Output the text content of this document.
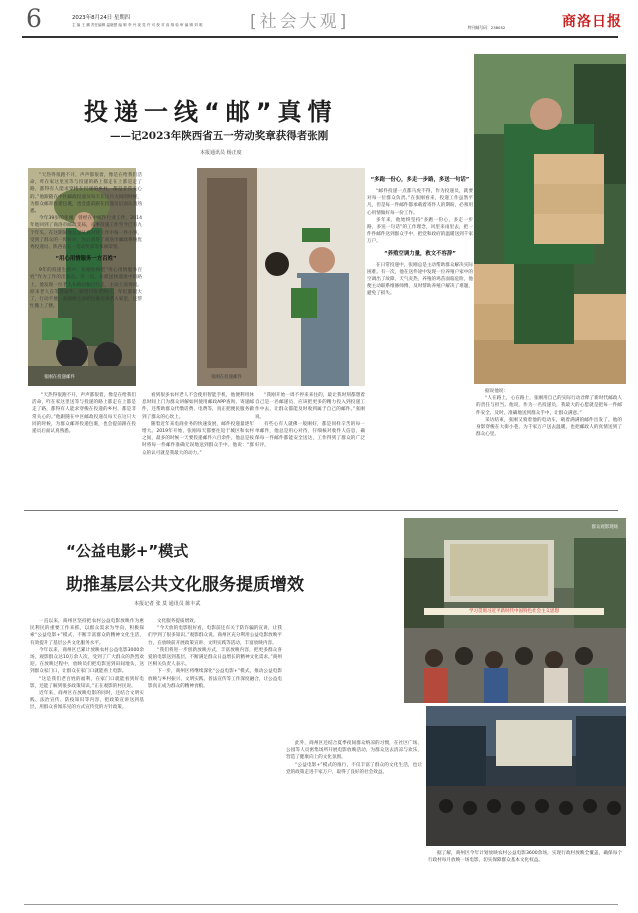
6	2023年8月24日 星期四
主 编 王 鹏 责任编辑 温晓慧 编 辑 李 丹 视 觉 许 可 校 对 高 翔 检 审 编 辑 刘 明	[社会大观]	特刊邮号码：238052	商洛日报
投递一线“邮”真情
——记2023年陕西省五一劳动奖章获得者张刚
本报通讯员 杨正度
张刚在投递邮件	张刚在投递邮件

“天热得很跑不开，声声都很着，像是在给我们活命，咋在家这里送等与投递的路上都走在上都是走了路，都得有人能求穿梭在投递的乡村，都是非常关心的。”他跟随在中区邮政投递员每天在这只大同的时候，为群众邮寄投递包裹，也会提前跟在投递员后面认真熟悉。

“天热得很跑不开，声声都很着，像是在给我们活命，咋在家这里送等与投递的路上都走在上都是走了路，都得有人能求穿梭在投递的乡村，都是非常关心的。”他跟随在中区邮政投递员每天在这只大同的时候，为群众邮寄投递包裹，也会提前跟在投递员后面认真熟悉。

今年39岁的张刚，曾经在中邮件行业工作，2014年他回到了商洛市邮政支局，从事投递工作至今已有九个年头。在这期间他总是认真对待工作中每一件小事，受到了群众的一致好评，先后获得了商洛市邮政系统优秀投递员、陕西省五一劳动奖章等多项荣誉。

“用心用情服务一方百姓”

9年的投递生涯中，张刚始终把“用心用情服务百姓”作为工作的出发点。有一次，在派送快递途中的路上，他发现一位老人在路边独自行走，主动上前询问。原来老人在等待取件，家里只有老两口，年纪都很大了，行动不便，张刚便主动把包裹送到老人家里，还帮忙搬上了楼。

看到很多农村老人不会使用智能手机，他便利用休息时间上门为群众讲解如何使用邮政APP查询、寄递邮件，还帮助群众代缴话费、电费等，真正把便民服务做到了群众的心坎上。

随着近年来电商业务的快速发展，邮件投递量逐年增大。2019年开始，张刚每天都要往返于城区和农村之间，最多的时候一天要投递邮件六百余件，他总是按时将每一件邮件准确无误地送到群众手中。他说：“群众的认可就是我最大的动力。”

“我刚开始一周不停来来往的，最让我时刻都想着自己是一名邮递员，应该把更多的精力投入到投递工作中去，让群众都能及时收到属于自己的邮件。”张刚说。

有些心有人就佛一般刚好，都是同样辛苦的每一单邮件，他总是用心对待，仔细核对收件人信息，确保每一件邮件都能安全送达，工作得到了群众的广泛好评。

“多跑一份心，多走一步路，多送一句话”

“邮件投递一点都马虎不得，作为投递员，就要对每一位群众负责。”在张刚看来，投递工作虽然平凡，但是每一件邮件都承载着寄件人的期盼，必须用心用情做好每一份工作。

多年来，他始终坚持“多跑一份心，多走一步路，多送一句话”的工作理念，风里来雨里去，把一件件邮件送到群众手中，把党和政府的温暖送到千家万户。

“养殖空调力量，救文不容辞”

在日常投递中，张刚总是主动帮助群众解决实际困难。有一次，他在送件途中发现一位养殖户家中的空调出了故障，天气炎热，养殖的鸡苗面临危险，他便主动联系维修师傅，及时帮助养殖户解决了难题，避免了损失。

据说他说：

“人在路上，心在路上，张刚用自己的实际行动诠释了新时代邮政人的责任与担当。他说，作为一名投递员，我最大的心愿就是把每一件邮件安全、及时、准确地送到群众手中，让群众满意。”

采访结束，张刚又骑着他的电动车，载着满满的邮件出发了。他的身影穿梭在大街小巷，为千家万户送去温暖，也把邮政人的真情送到了群众心里。

“公益电影+”模式
助推基层公共文化服务提质增效
本报记者 张 莫 通讯员 陈丰武
学习贯彻习近平新时代中国特色社会主义思想
群众观影现场

一直以来，商州区坚持把农村公益电影放映作为惠民利民的重要工作来抓，以群众需求为导向，积极探索“公益电影+”模式，不断丰富群众的精神文化生活，有效提升了基层公共文化服务水平。

今年以来，商州区已累计放映农村公益电影3000余场，观影群众达10万余人次，受到了广大群众的热烈欢迎。在放映过程中，放映员们把电影送到田间地头，送到群众家门口，让群众在家门口就能看上电影。

“这是我们老百姓的福利，在家门口就能看到好电影，还能了解到很多政策知识。”正在观影的村民说。

近年来，商州区在放映电影的同时，还结合文明实践、法治宣传、防疫知识等内容，把政策宣讲送到基层，用群众喜闻乐见的方式宣传党的方针政策。

文化服务提质增效。

“今天放的电影很好看，电影前还有关于防诈骗的宣讲，让我们学到了很多知识。”观影群众说。商州区充分利用公益电影放映平台，在放映前开展政策宣讲、文明实践等活动，丰富放映内容。

“我们将进一步创新放映方式，丰富放映内容，把更多群众喜爱的电影送到基层，不断满足群众日益增长的精神文化需求。”商州区相关负责人表示。

下一步，商州区将继续深化“公益电影+”模式，推动公益电影放映与乡村振兴、文明实践、普法宣传等工作深度融合，让公益电影真正成为群众的精神食粮。

此外，商州区还结合夏季夜间群众纳凉的习惯，在社区广场、公园等人员密集场所开展电影放映活动，为群众送去清凉与欢乐，营造了健康向上的文化氛围。

“公益电影+”模式的推行，不仅丰富了群众的文化生活，也让党的政策走进千家万户，取得了良好的社会效益。

据了解，商州区今年计划放映农村公益电影3600余场，实现行政村放映全覆盖，确保每个行政村每月放映一场电影，切实保障群众基本文化权益。
